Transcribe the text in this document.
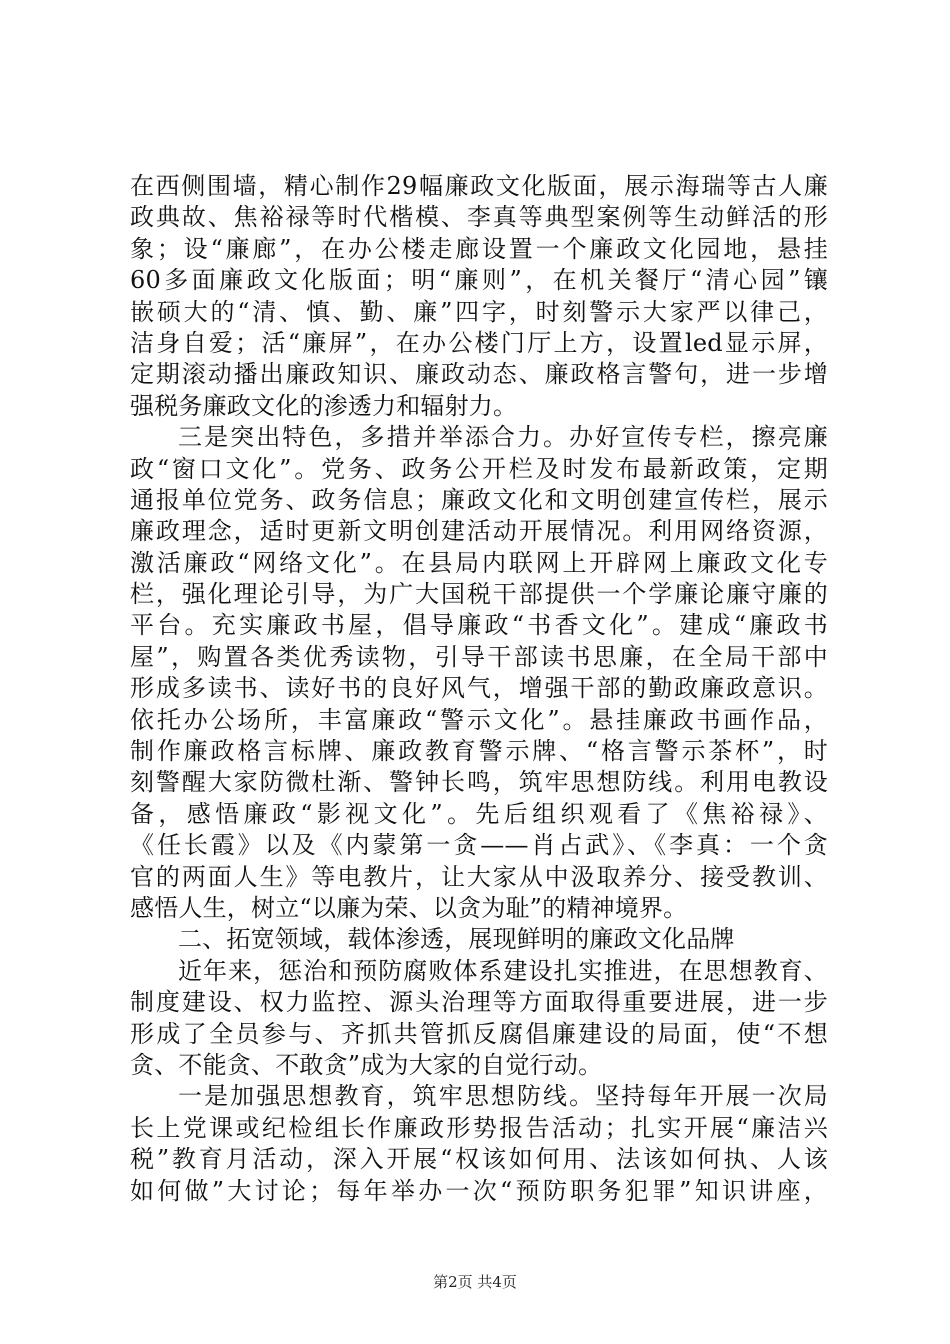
在西侧围墙，精心制作29幅廉政文化版面，展示海瑞等古人廉
政典故、焦裕禄等时代楷模、李真等典型案例等生动鲜活的形
象；设“廉廊”，在办公楼走廊设置一个廉政文化园地，悬挂
60多面廉政文化版面；明“廉则”，在机关餐厅“清心园”镶
嵌硕大的“清、慎、勤、廉”四字，时刻警示大家严以律己，
洁身自爱；活“廉屏”，在办公楼门厅上方，设置led显示屏，
定期滚动播出廉政知识、廉政动态、廉政格言警句，进一步增
强税务廉政文化的渗透力和辐射力。
三是突出特色，多措并举添合力。办好宣传专栏，擦亮廉
政“窗口文化”。党务、政务公开栏及时发布最新政策，定期
通报单位党务、政务信息；廉政文化和文明创建宣传栏，展示
廉政理念，适时更新文明创建活动开展情况。利用网络资源，
激活廉政“网络文化”。在县局内联网上开辟网上廉政文化专
栏，强化理论引导，为广大国税干部提供一个学廉论廉守廉的
平台。充实廉政书屋，倡导廉政“书香文化”。建成“廉政书
屋”，购置各类优秀读物，引导干部读书思廉，在全局干部中
形成多读书、读好书的良好风气，增强干部的勤政廉政意识。
依托办公场所，丰富廉政“警示文化”。悬挂廉政书画作品，
制作廉政格言标牌、廉政教育警示牌、“格言警示茶杯”，时
刻警醒大家防微杜渐、警钟长鸣，筑牢思想防线。利用电教设
备，感悟廉政“影视文化”。先后组织观看了《焦裕禄》、
《任长霞》以及《内蒙第一贪——肖占武》、《李真：一个贪
官的两面人生》等电教片，让大家从中汲取养分、接受教训、
感悟人生，树立“以廉为荣、以贪为耻”的精神境界。
二、拓宽领域，载体渗透，展现鲜明的廉政文化品牌
近年来，惩治和预防腐败体系建设扎实推进，在思想教育、
制度建设、权力监控、源头治理等方面取得重要进展，进一步
形成了全员参与、齐抓共管抓反腐倡廉建设的局面，使“不想
贪、不能贪、不敢贪”成为大家的自觉行动。
一是加强思想教育，筑牢思想防线。坚持每年开展一次局
长上党课或纪检组长作廉政形势报告活动；扎实开展“廉洁兴
税”教育月活动，深入开展“权该如何用、法该如何执、人该
如何做”大讨论；每年举办一次“预防职务犯罪”知识讲座，
第2页 共4页
